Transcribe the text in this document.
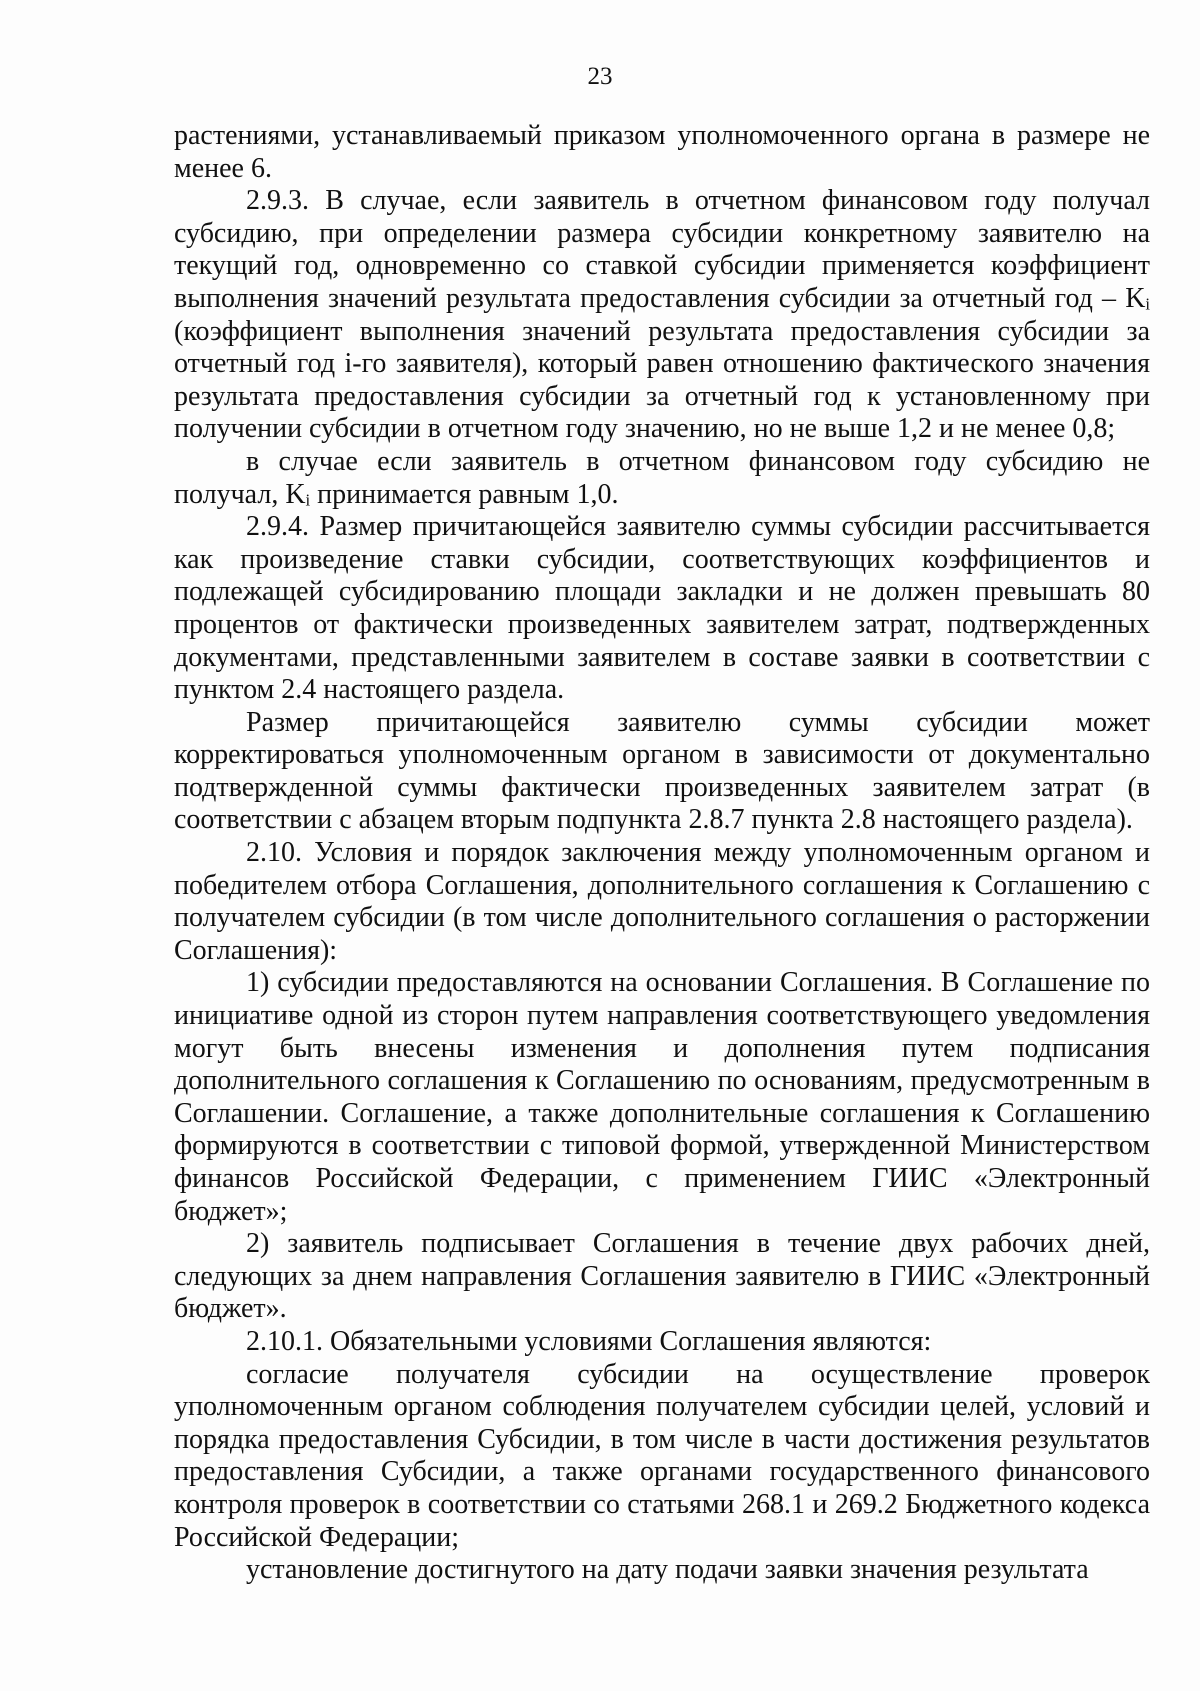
23

растениями, устанавливаемый приказом уполномоченного органа в размере не менее 6.

2.9.3. В случае, если заявитель в отчетном финансовом году получал субсидию, при определении размера субсидии конкретному заявителю на текущий год, одновременно со ставкой субсидии применяется коэффициент выполнения значений результата предоставления субсидии за отчетный год – Kᵢ (коэффициент выполнения значений результата предоставления субсидии за отчетный год i-го заявителя), который равен отношению фактического значения результата предоставления субсидии за отчетный год к установленному при получении субсидии в отчетном году значению, но не выше 1,2 и не менее 0,8;

в случае если заявитель в отчетном финансовом году субсидию не получал, Kᵢ принимается равным 1,0.

2.9.4. Размер причитающейся заявителю суммы субсидии рассчитывается как произведение ставки субсидии, соответствующих коэффициентов и подлежащей субсидированию площади закладки и не должен превышать 80 процентов от фактически произведенных заявителем затрат, подтвержденных документами, представленными заявителем в составе заявки в соответствии с пунктом 2.4 настоящего раздела.

Размер причитающейся заявителю суммы субсидии может корректироваться уполномоченным органом в зависимости от документально подтвержденной суммы фактически произведенных заявителем затрат (в соответствии с абзацем вторым подпункта 2.8.7 пункта 2.8 настоящего раздела).

2.10. Условия и порядок заключения между уполномоченным органом и победителем отбора Соглашения, дополнительного соглашения к Соглашению с получателем субсидии (в том числе дополнительного соглашения о расторжении Соглашения):

1) субсидии предоставляются на основании Соглашения. В Соглашение по инициативе одной из сторон путем направления соответствующего уведомления могут быть внесены изменения и дополнения путем подписания дополнительного соглашения к Соглашению по основаниям, предусмотренным в Соглашении. Соглашение, а также дополнительные соглашения к Соглашению формируются в соответствии с типовой формой, утвержденной Министерством финансов Российской Федерации, с применением ГИИС «Электронный бюджет»;

2) заявитель подписывает Соглашения в течение двух рабочих дней, следующих за днем направления Соглашения заявителю в ГИИС «Электронный бюджет».

2.10.1. Обязательными условиями Соглашения являются:

согласие получателя субсидии на осуществление проверок уполномоченным органом соблюдения получателем субсидии целей, условий и порядка предоставления Субсидии, в том числе в части достижения результатов предоставления Субсидии, а также органами государственного финансового контроля проверок в соответствии со статьями 268.1 и 269.2 Бюджетного кодекса Российской Федерации;

установление достигнутого на дату подачи заявки значения результата
